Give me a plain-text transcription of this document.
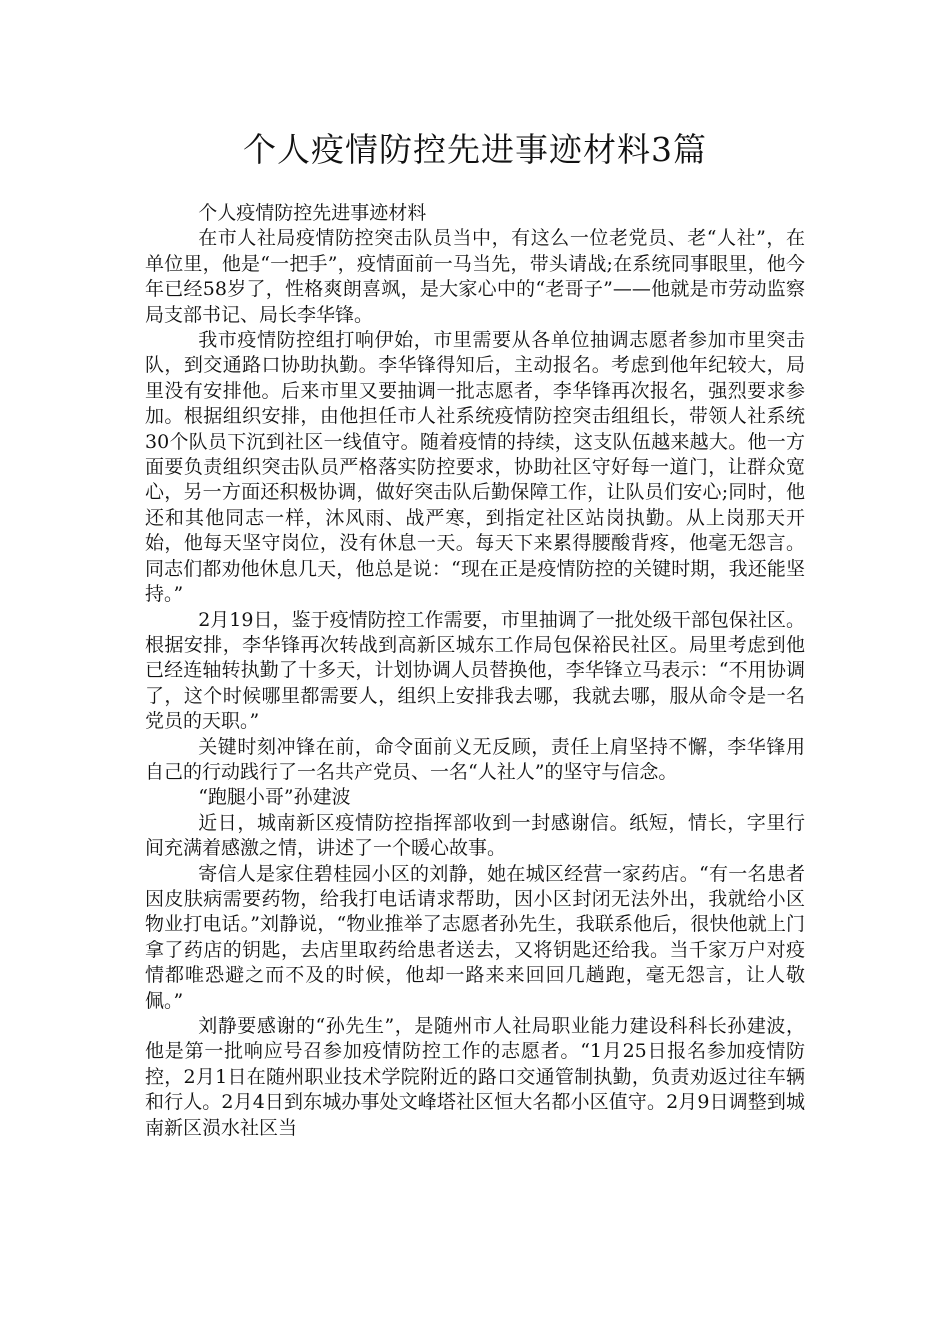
个人疫情防控先进事迹材料3篇

个人疫情防控先进事迹材料

在市人社局疫情防控突击队员当中，有这么一位老党员、老“人社”，在单位里，他是“一把手”，疫情面前一马当先，带头请战;在系统同事眼里，他今年已经58岁了，性格爽朗喜飒，是大家心中的“老哥子”——他就是市劳动监察局支部书记、局长李华锋。

我市疫情防控组打响伊始，市里需要从各单位抽调志愿者参加市里突击队，到交通路口协助执勤。李华锋得知后，主动报名。考虑到他年纪较大，局里没有安排他。后来市里又要抽调一批志愿者，李华锋再次报名，强烈要求参加。根据组织安排，由他担任市人社系统疫情防控突击组组长，带领人社系统30个队员下沉到社区一线值守。随着疫情的持续，这支队伍越来越大。他一方面要负责组织突击队员严格落实防控要求，协助社区守好每一道门，让群众宽心，另一方面还积极协调，做好突击队后勤保障工作，让队员们安心;同时，他还和其他同志一样，沐风雨、战严寒，到指定社区站岗执勤。从上岗那天开始，他每天坚守岗位，没有休息一天。每天下来累得腰酸背疼，他毫无怨言。同志们都劝他休息几天，他总是说：“现在正是疫情防控的关键时期，我还能坚持。”

2月19日，鉴于疫情防控工作需要，市里抽调了一批处级干部包保社区。根据安排，李华锋再次转战到高新区城东工作局包保裕民社区。局里考虑到他已经连轴转执勤了十多天，计划协调人员替换他，李华锋立马表示：“不用协调了，这个时候哪里都需要人，组织上安排我去哪，我就去哪，服从命令是一名党员的天职。”

关键时刻冲锋在前，命令面前义无反顾，责任上肩坚持不懈，李华锋用自己的行动践行了一名共产党员、一名“人社人”的坚守与信念。

“跑腿小哥”孙建波

近日，城南新区疫情防控指挥部收到一封感谢信。纸短，情长，字里行间充满着感激之情，讲述了一个暖心故事。

寄信人是家住碧桂园小区的刘静，她在城区经营一家药店。“有一名患者因皮肤病需要药物，给我打电话请求帮助，因小区封闭无法外出，我就给小区物业打电话。”刘静说，“物业推举了志愿者孙先生，我联系他后，很快他就上门拿了药店的钥匙，去店里取药给患者送去，又将钥匙还给我。当千家万户对疫情都唯恐避之而不及的时候，他却一路来来回回几趟跑，毫无怨言，让人敬佩。”

刘静要感谢的“孙先生”，是随州市人社局职业能力建设科科长孙建波，他是第一批响应号召参加疫情防控工作的志愿者。“1月25日报名参加疫情防控，2月1日在随州职业技术学院附近的路口交通管制执勤，负责劝返过往车辆和行人。2月4日到东城办事处文峰塔社区恒大名都小区值守。2月9日调整到城南新区涢水社区当
